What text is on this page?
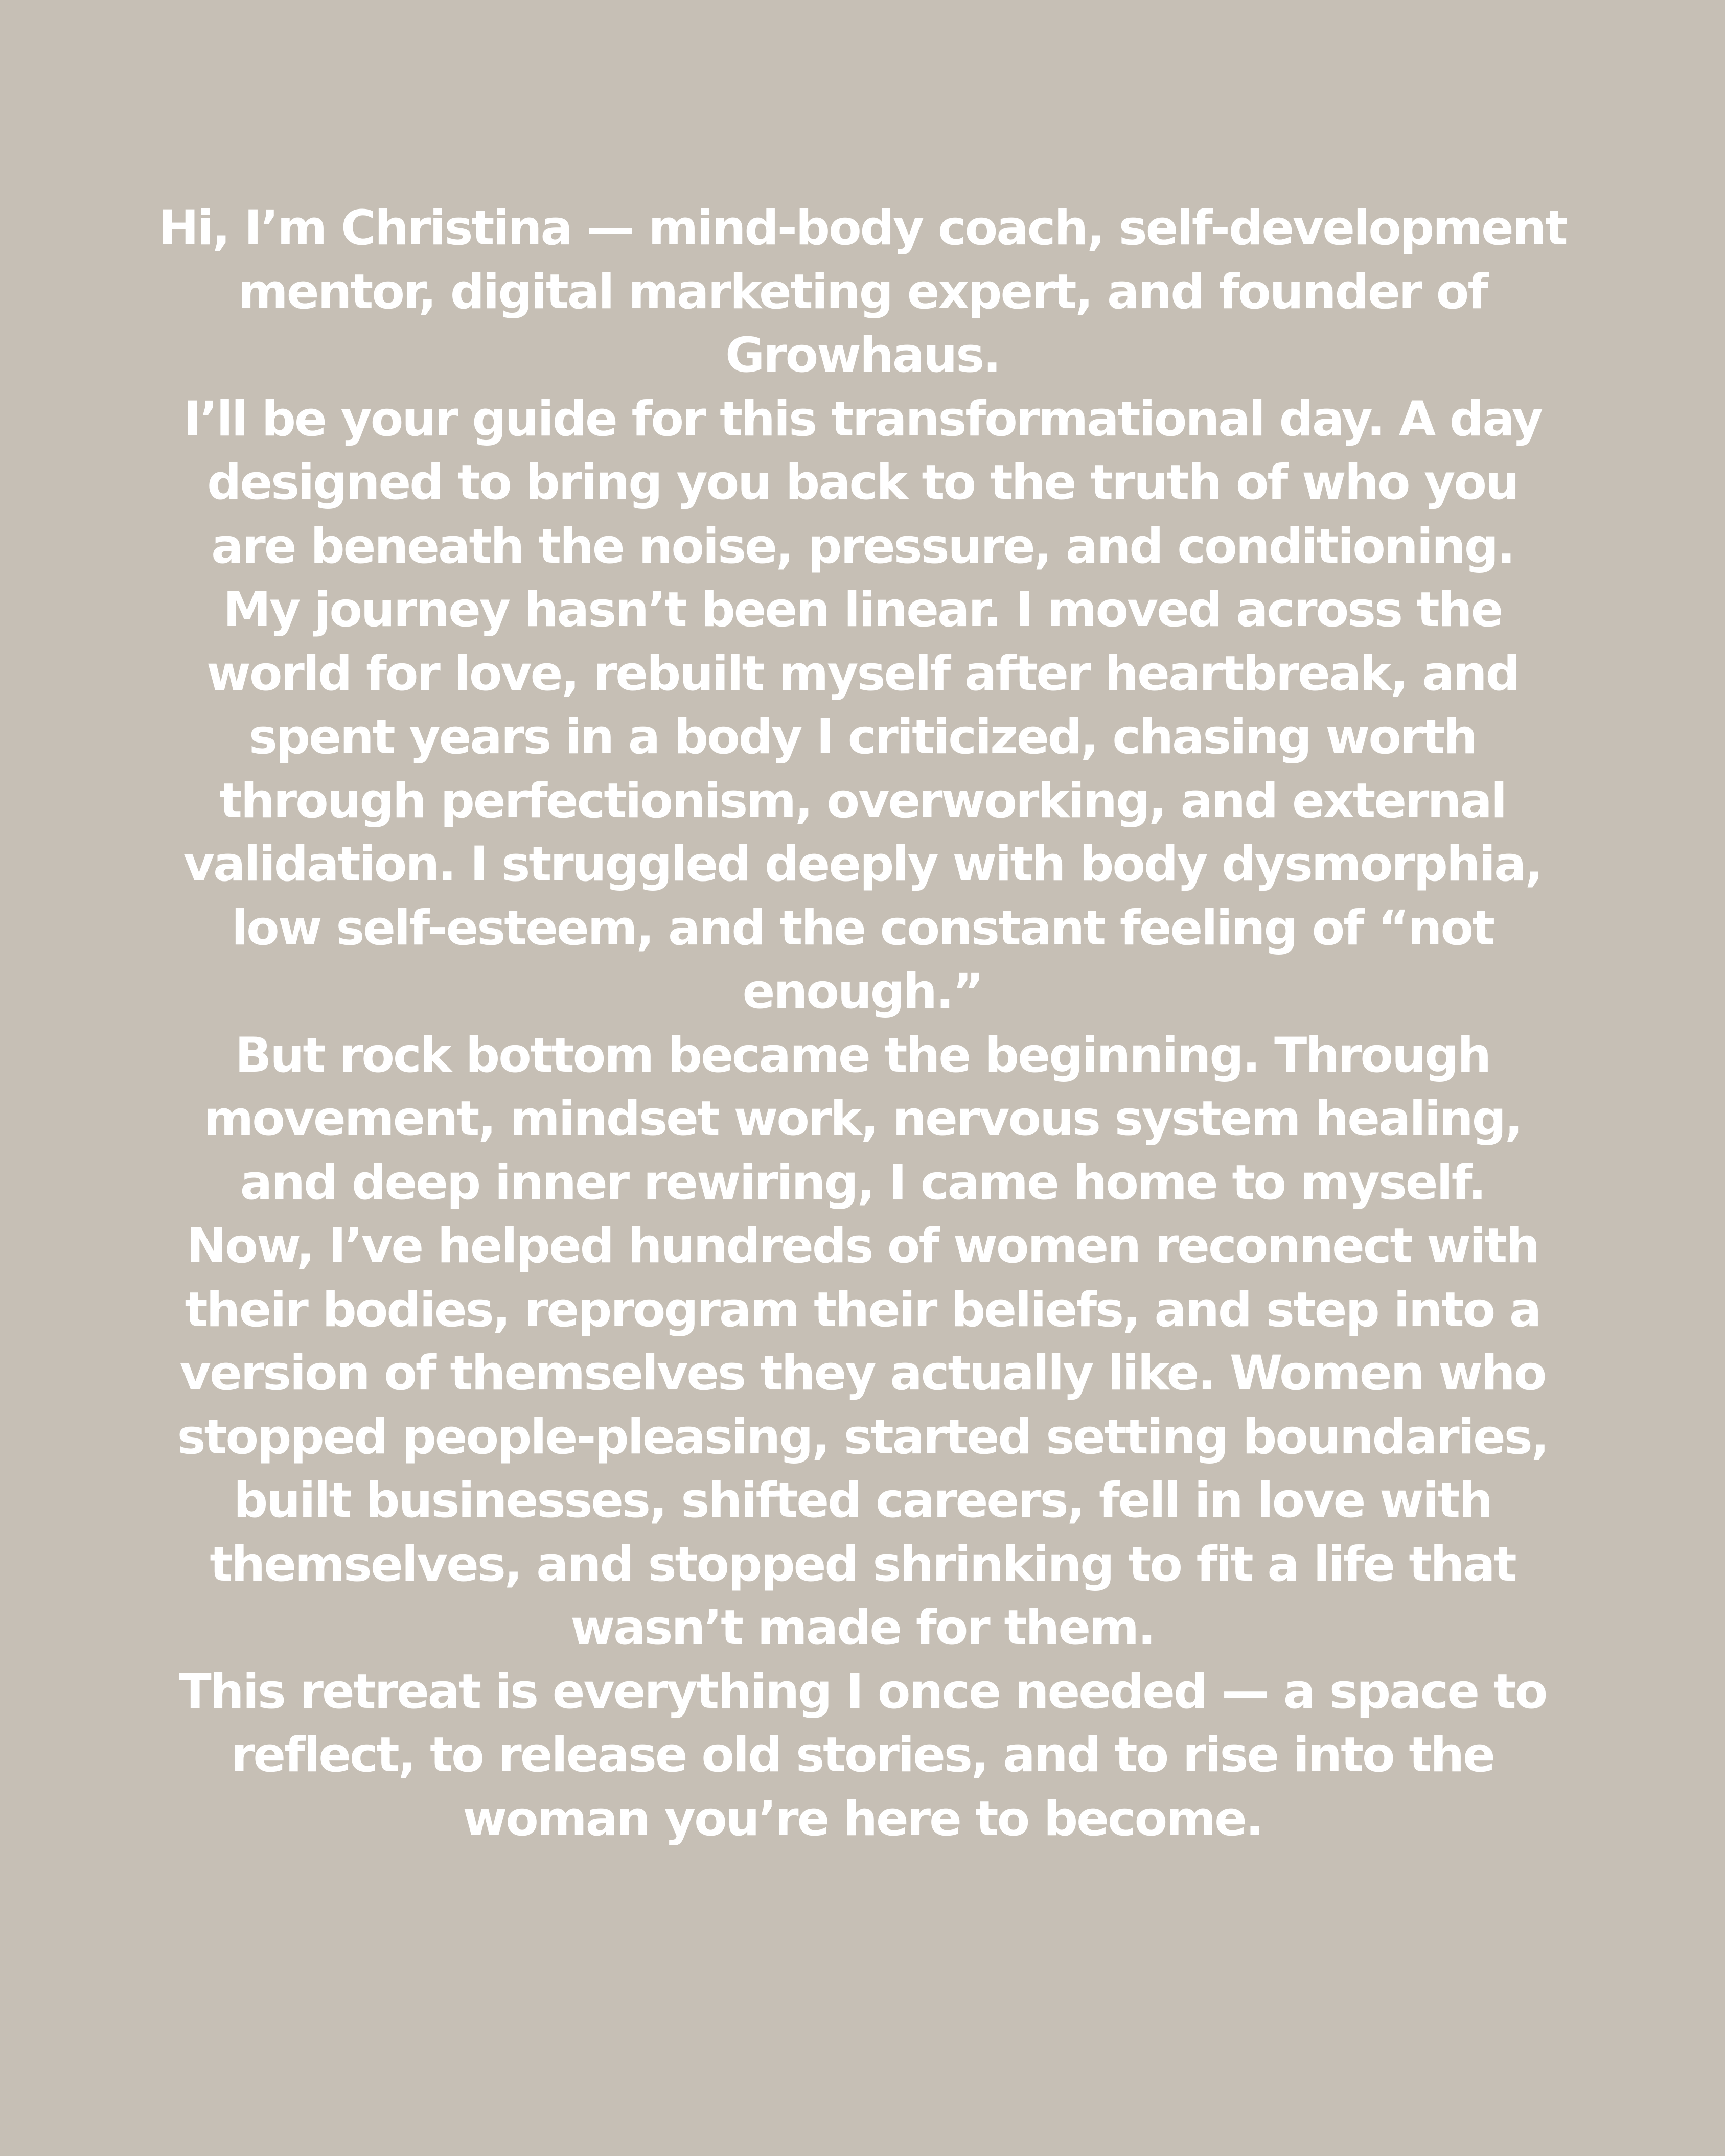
Hi, I’m Christina — mind-body coach, self-development mentor, digital marketing expert, and founder of Growhaus.

I’ll be your guide for this transformational day. A day designed to bring you back to the truth of who you are beneath the noise, pressure, and conditioning.

My journey hasn’t been linear. I moved across the world for love, rebuilt myself after heartbreak, and spent years in a body I criticized, chasing worth through perfectionism, overworking, and external validation. I struggled deeply with body dysmorphia, low self-esteem, and the constant feeling of “not enough.”

But rock bottom became the beginning. Through movement, mindset work, nervous system healing, and deep inner rewiring, I came home to myself.

Now, I’ve helped hundreds of women reconnect with their bodies, reprogram their beliefs, and step into a version of themselves they actually like. Women who stopped people-pleasing, started setting boundaries, built businesses, shifted careers, fell in love with themselves, and stopped shrinking to fit a life that wasn’t made for them.

This retreat is everything I once needed — a space to reflect, to release old stories, and to rise into the woman you’re here to become.
